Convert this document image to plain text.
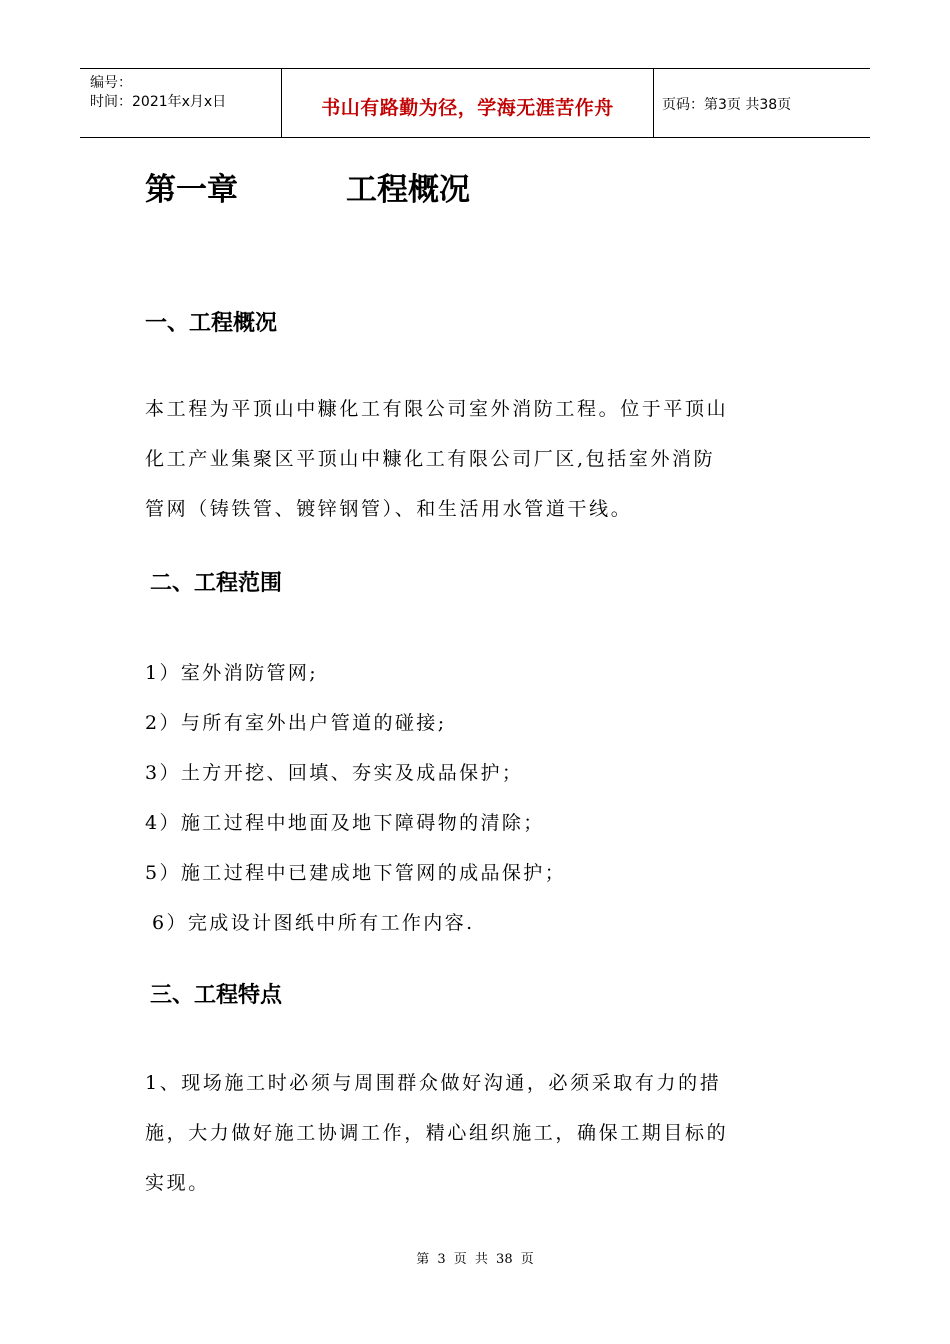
编号：
时间：2021年x月x日	书山有路勤为径，学海无涯苦作舟	页码：第3页 共38页
第一章	工程概况
一、工程概况
本工程为平顶山中糠化工有限公司室外消防工程。位于平顶山
化工产业集聚区平顶山中糠化工有限公司厂区,包括室外消防
管网（铸铁管、镀锌钢管）、和生活用水管道干线。
二、工程范围
1）室外消防管网;
2）与所有室外出户管道的碰接;
3）土方开挖、回填、夯实及成品保护；
4）施工过程中地面及地下障碍物的清除；
5）施工过程中已建成地下管网的成品保护；
6）完成设计图纸中所有工作内容.
三、工程特点
1、现场施工时必须与周围群众做好沟通，必须采取有力的措
施，大力做好施工协调工作，精心组织施工，确保工期目标的
实现。
第 3 页 共 38 页
